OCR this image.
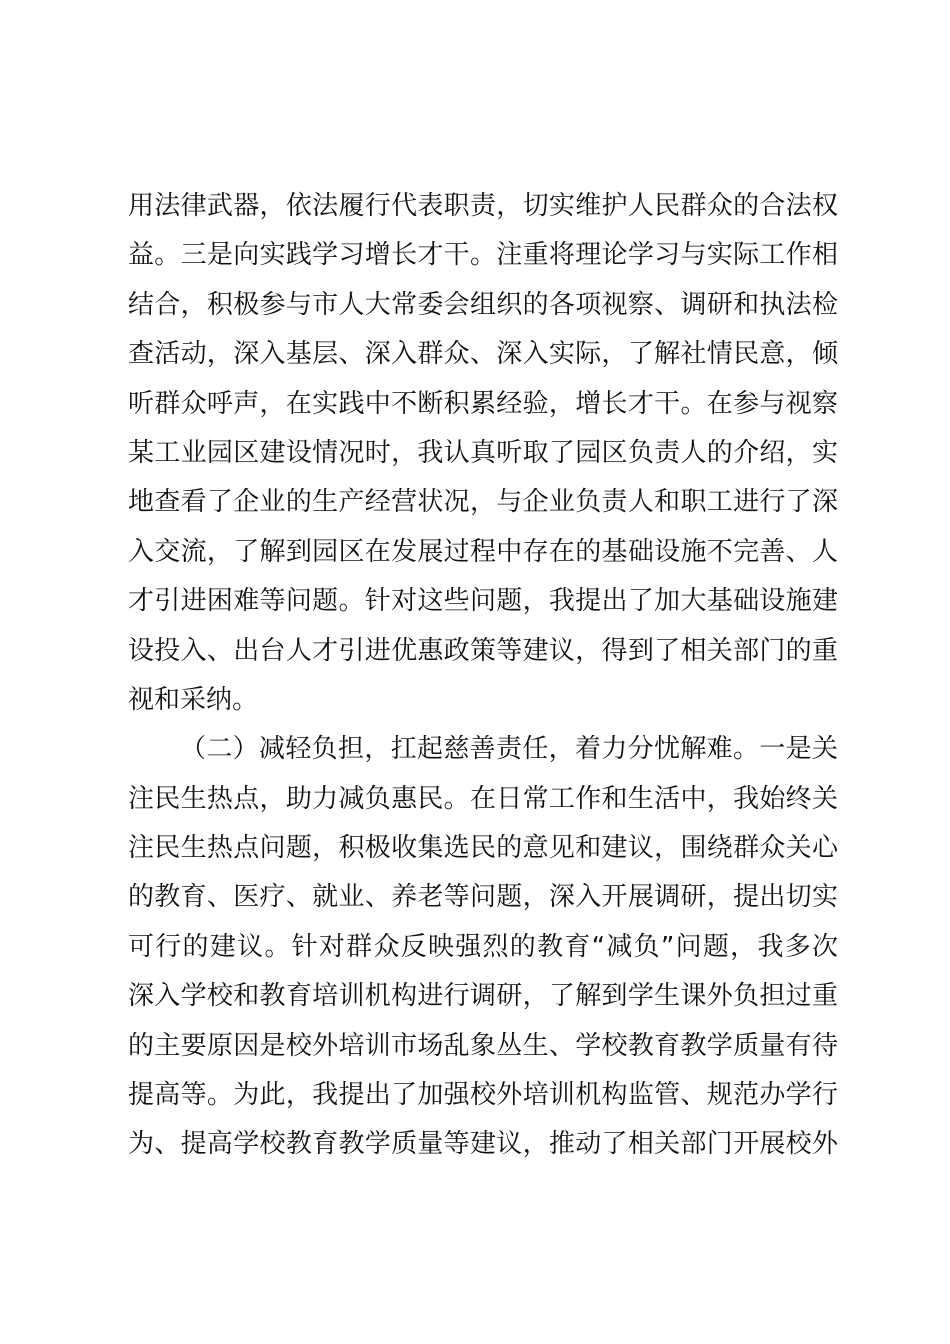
用法律武器，依法履行代表职责，切实维护人民群众的合法权
益。三是向实践学习增长才干。注重将理论学习与实际工作相
结合，积极参与市人大常委会组织的各项视察、调研和执法检
查活动，深入基层、深入群众、深入实际，了解社情民意，倾
听群众呼声，在实践中不断积累经验，增长才干。在参与视察
某工业园区建设情况时，我认真听取了园区负责人的介绍，实
地查看了企业的生产经营状况，与企业负责人和职工进行了深
入交流，了解到园区在发展过程中存在的基础设施不完善、人
才引进困难等问题。针对这些问题，我提出了加大基础设施建
设投入、出台人才引进优惠政策等建议，得到了相关部门的重
视和采纳。
（二）减轻负担，扛起慈善责任，着力分忧解难。一是关
注民生热点，助力减负惠民。在日常工作和生活中，我始终关
注民生热点问题，积极收集选民的意见和建议，围绕群众关心
的教育、医疗、就业、养老等问题，深入开展调研，提出切实
可行的建议。针对群众反映强烈的教育“减负”问题，我多次
深入学校和教育培训机构进行调研，了解到学生课外负担过重
的主要原因是校外培训市场乱象丛生、学校教育教学质量有待
提高等。为此，我提出了加强校外培训机构监管、规范办学行
为、提高学校教育教学质量等建议，推动了相关部门开展校外
